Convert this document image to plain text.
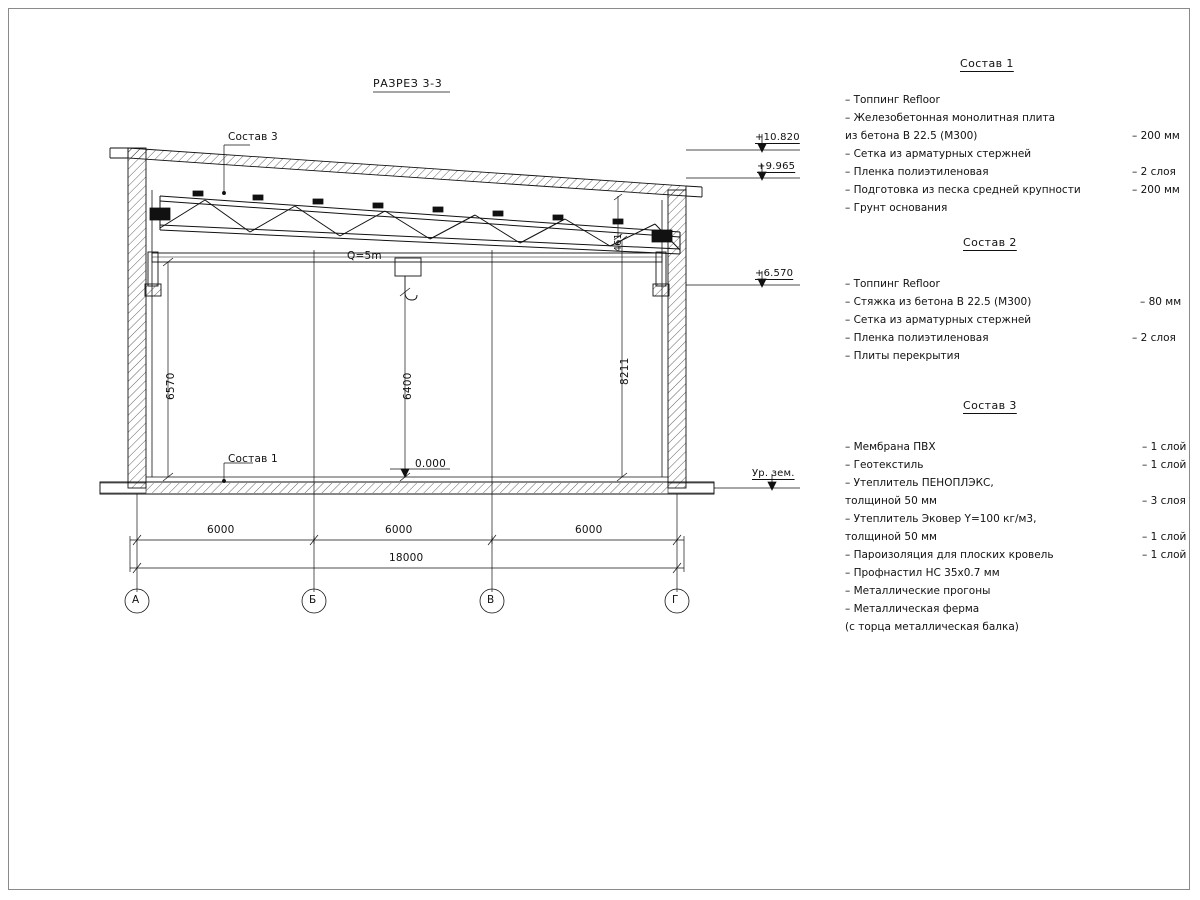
РАЗРЕЗ 3-3
Состав 3
Состав 1
Q=5m
0.000
+10.820
+9.965
+6.570
Ур. зем.
6570	6400
8211
461
6000	6000	6000
18000
А	Б	В	Г
Состав 1
– Топпинг Refloor
– Железобетонная монолитная плита
из бетона В 22.5 (М300)	– 200 мм
– Сетка из арматурных стержней
– Пленка полиэтиленовая	– 2 слоя
– Подготовка из песка средней крупности	– 200 мм
– Грунт основания
Состав 2
– Топпинг Refloor
– Стяжка из бетона В 22.5 (М300)	– 80 мм
– Сетка из арматурных стержней
– Пленка полиэтиленовая	– 2 слоя
– Плиты перекрытия
Состав 3
– Мембрана ПВХ	– 1 слой
– Геотекстиль	– 1 слой
– Утеплитель ПЕНОПЛЭКС,
толщиной 50 мм	– 3 слоя
– Утеплитель Эковер Y=100 кг/м3,
толщиной 50 мм	– 1 слой
– Пароизоляция для плоских кровель	– 1 слой
– Профнастил НС 35х0.7 мм
– Металлические прогоны
– Металлическая ферма
(с торца металлическая балка)
